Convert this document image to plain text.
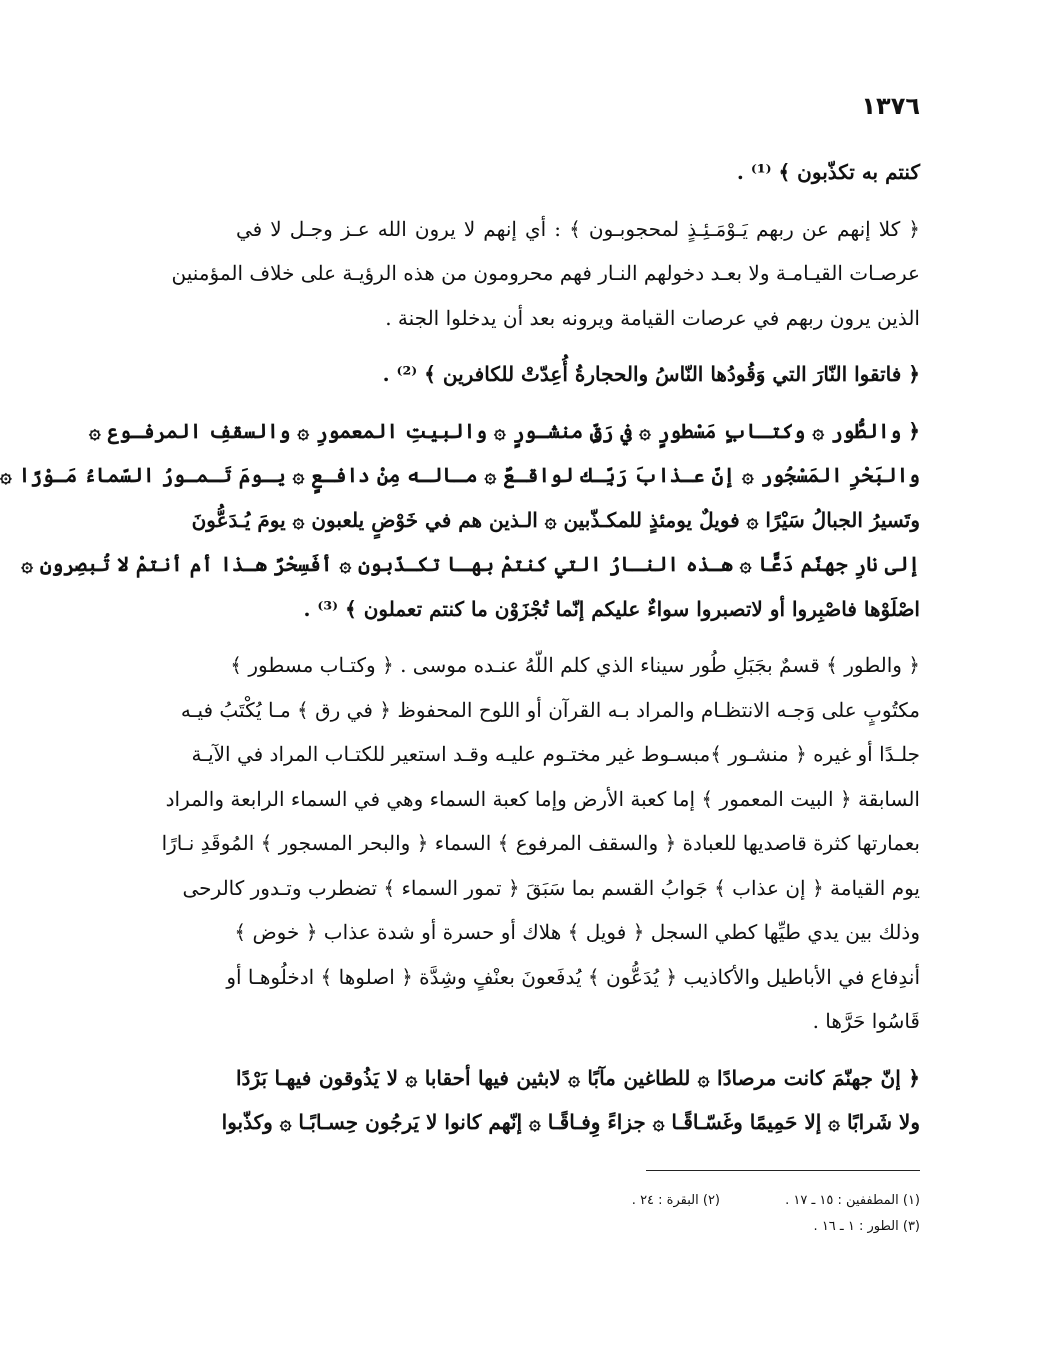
١٣٧٦
كنتم به تكذّبون ﴾ ⁽¹⁾ .
﴿ كلا إنهم عن ربهم يَـوْمَـئِـذٍ لمحجوبـون ﴾ : أي إنهم لا يرون الله عـز وجـل لا في
عرصـات القيـامـة ولا بعـد دخولهم النـار فهم محرومون من هذه الرؤيـة على خلاف المؤمنين
الذين يرون ربهم في عرصات القيامة ويرونه بعد أن يدخلوا الجنة .
﴿ فاتقوا النّارَ التي وَقُودُها النّاسُ والحجارةُ أُعِدّتْ للكافرين ﴾ ⁽²⁾ .
﴿ والطُّور ۞ وكتـابٍ مَسْطورٍ ۞ في رَقٍّ منشـورٍ ۞ والبيتِ المعمورِ ۞ والسقفِ المرفـوع ۞
والبَحْرِ المَسْجُور ۞ إنّ عـذابَ رَبِّـك لواقـعٌ ۞ مـالـه مِنْ دافـعٍ ۞ يـومَ تَـمـورُ السّماءُ مَـوْرًا ۞
وتَسيرُ الجبالُ سَيْرًا ۞ فويلٌ يومئذٍ للمكـذّبين ۞ الـذين هم في خَوْضٍ يلعبون ۞ يومَ يُـدَعُّونَ
إلى نارِ جهنّم دَعًّا ۞ هـذه النـارُ التي كنتمْ بهـا تكـذّبون ۞ أفَسِحْرٌ هـذا أم أنتمْ لا تُبصِرون ۞
اصْلَوْها فاصْبِروا أو لاتصبروا سواءٌ عليكم إنّما تُجْزَوْن ما كنتم تعملون ﴾ ⁽³⁾ .
﴿ والطور ﴾ قسمٌ بجَبَلِ طُور سيناء الذي كلم اللّهُ عنـده موسى . ﴿ وكتـاب مسطور ﴾
مكتُوبٍ على وَجـه الانتظـام والمراد بـه القرآن أو اللوح المحفوظ ﴿ في رق ﴾ مـا يُكْتَبُ فيـه
جلـدًا أو غيره ﴿ منشـور ﴾مبسـوط غير مختـوم عليـه وقـد استعير للكتـاب المراد في الآيـة
السابقة ﴿ البيت المعمور ﴾ إما كعبة الأرض وإما كعبة السماء وهي في السماء الرابعة والمراد
بعمارتها كثرة قاصديها للعبادة ﴿ والسقف المرفوع ﴾ السماء ﴿ والبحر المسجور ﴾ المُوقَدِ نـارًا
يوم القيامة ﴿ إن عذاب ﴾ جَوابُ القسم بما سَبَقَ ﴿ تمور السماء ﴾ تضطرب وتـدور كالرحى
وذلك بين يدي طيِّها كطي السجل ﴿ فويل ﴾ هلاك أو حسرة أو شدة عذاب ﴿ خوض ﴾
أندِفاع في الأباطيل والأكاذيب ﴿ يُدَعُّون ﴾ يُدفَعونَ بعنْفٍ وشِدَّة ﴿ اصلوها ﴾ ادخلُوهـا أو
قَاسُوا حَرَّها .
﴿ إنّ جهنّمَ كانت مرصادًا ۞ للطاغين مآبًا ۞ لابثين فيها أحقابا ۞ لا يَذُوقون فيهـا بَرْدًا
ولا شَرابًا ۞ إلا حَمِيمًا وغَسّـاقًـا ۞ جزاءً وِفـاقًـا ۞ إنّهم كانوا لا يَرجُون حِسـابًـا ۞ وكذّبوا
(١) المطففين : ١٥ ـ ١٧ .
(٢) البقرة : ٢٤ .
(٣) الطور : ١ ـ ١٦ .
